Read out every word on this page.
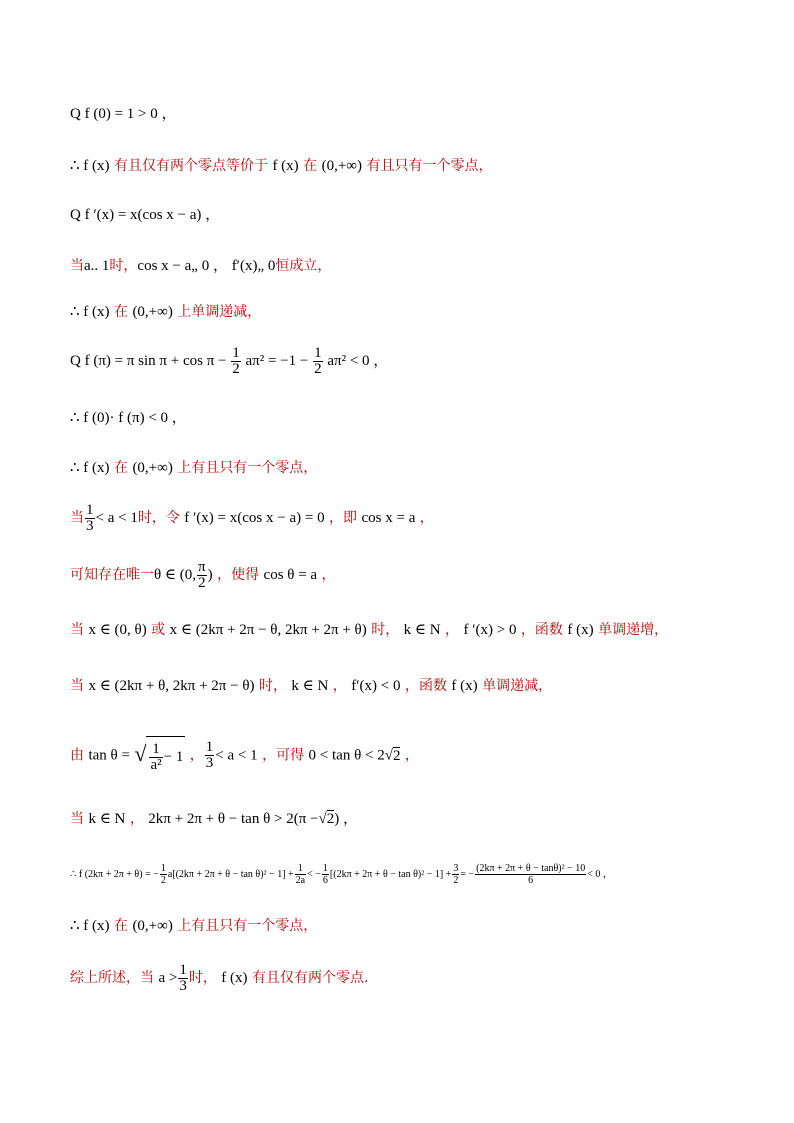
Q f (0) = 1 > 0 ，
∴ f (x) 有且仅有两个零点等价于 f (x) 在 (0,+∞) 有且只有一个零点，
Q f ′(x) = x(cos x − a) ，
当a.. 1时，cos x − a„ 0 ， f′(x)„ 0恒成立，
∴ f (x) 在 (0,+∞) 上单调递减，
Q f (π) = π $\sin \pi + \cos \pi - \frac{1}{2} a\pi^2 = -1 - \frac{1}{2} a\pi^2 < 0$ ，
∴ f (0)· f (π) < 0 ，
∴ f (x) 在 (0,+∞) 上有且只有一个零点，
当 $\frac{1}{3} < a < 1$时，令 f ′(x) = x(cos x − a) = 0 ，即 cos x = a ，
可知存在唯一θ ∈ (0, $\frac{\pi}{2}$ ) ，使得 cos θ = a ，
当 x ∈ (0, θ) 或 x ∈ (2kπ + 2π − θ, 2kπ + 2π + θ) 时， k ∈ N ， f ′(x) > 0 ，函数 f (x) 单调递增，
当 x ∈ (2kπ + θ, 2kπ + 2π − θ) 时， k ∈ N ， f′(x) < 0 ，函数 f (x) 单调递减，
由 tan θ = √ $\frac{1}{\text{a²}} - 1$ ， $\frac{1}{3} < a < 1$ ，可得 0 < tan θ < 2√2 ，
当 k ∈ N ， 2kπ + 2π + θ − tan θ > 2(π −√2) ，
∴ f (2kπ + 2π + θ) = − $\frac{1}{2} a[(2k\pi + 2\pi + \theta - \tan \theta)^2 - 1] + \frac{1}{2a}$ < − $\frac{1}{6} [(2k\pi + 2\pi + \theta - \tan \theta)^2 - 1] + \frac{3}{2}$ = − $\frac{\text{(2kπ + 2π + θ − tanθ)² − 10}}{6} < 0$ ，
∴ f (x) 在 (0,+∞) 上有且只有一个零点，
综上所述，当 $a > \frac{1}{3}$ 时， f (x) 有且仅有两个零点.
